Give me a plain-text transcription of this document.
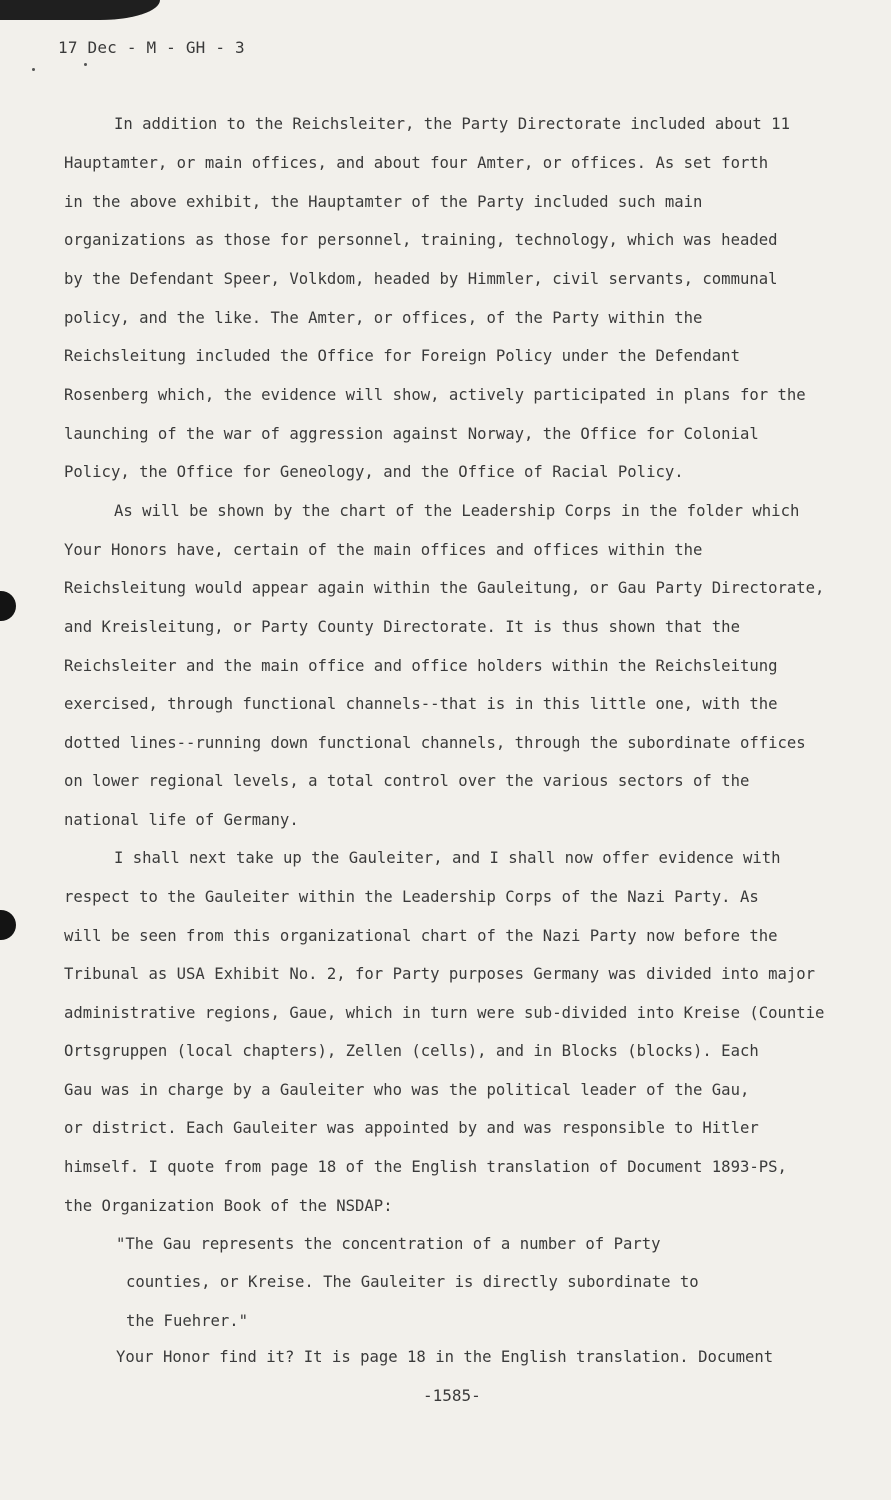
17 Dec - M - GH - 3
In addition to the Reichsleiter, the Party Directorate included about 11
Hauptamter, or main offices, and about four Amter, or offices. As set forth
in the above exhibit, the Hauptamter of the Party included such main
organizations as those for personnel, training, technology, which was headed
by the Defendant Speer, Volkdom, headed by Himmler, civil servants, communal
policy, and the like. The Amter, or offices, of the Party within the
Reichsleitung included the Office for Foreign Policy under the Defendant
Rosenberg which, the evidence will show, actively participated in plans for the
launching of the war of aggression against Norway, the Office for Colonial
Policy, the Office for Geneology, and the Office of Racial Policy.
As will be shown by the chart of the Leadership Corps in the folder which
Your Honors have, certain of the main offices and offices within the
Reichsleitung would appear again within the Gauleitung, or Gau Party Directorate,
and Kreisleitung, or Party County Directorate. It is thus shown that the
Reichsleiter and the main office and office holders within the Reichsleitung
exercised, through functional channels--that is in this little one, with the
dotted lines--running down functional channels, through the subordinate offices
on lower regional levels, a total control over the various sectors of the
national life of Germany.
I shall next take up the Gauleiter, and I shall now offer evidence with
respect to the Gauleiter within the Leadership Corps of the Nazi Party. As
will be seen from this organizational chart of the Nazi Party now before the
Tribunal as USA Exhibit No. 2, for Party purposes Germany was divided into major
administrative regions, Gaue, which in turn were sub-divided into Kreise (Countie
Ortsgruppen (local chapters), Zellen (cells), and in Blocks (blocks). Each
Gau was in charge by a Gauleiter who was the political leader of the Gau,
or district. Each Gauleiter was appointed by and was responsible to Hitler
himself. I quote from page 18 of the English translation of Document 1893-PS,
the Organization Book of the NSDAP:
"The Gau represents the concentration of a number of Party
counties, or Kreise. The Gauleiter is directly subordinate to
the Fuehrer."
Your Honor find it? It is page 18 in the English translation. Document
-1585-
